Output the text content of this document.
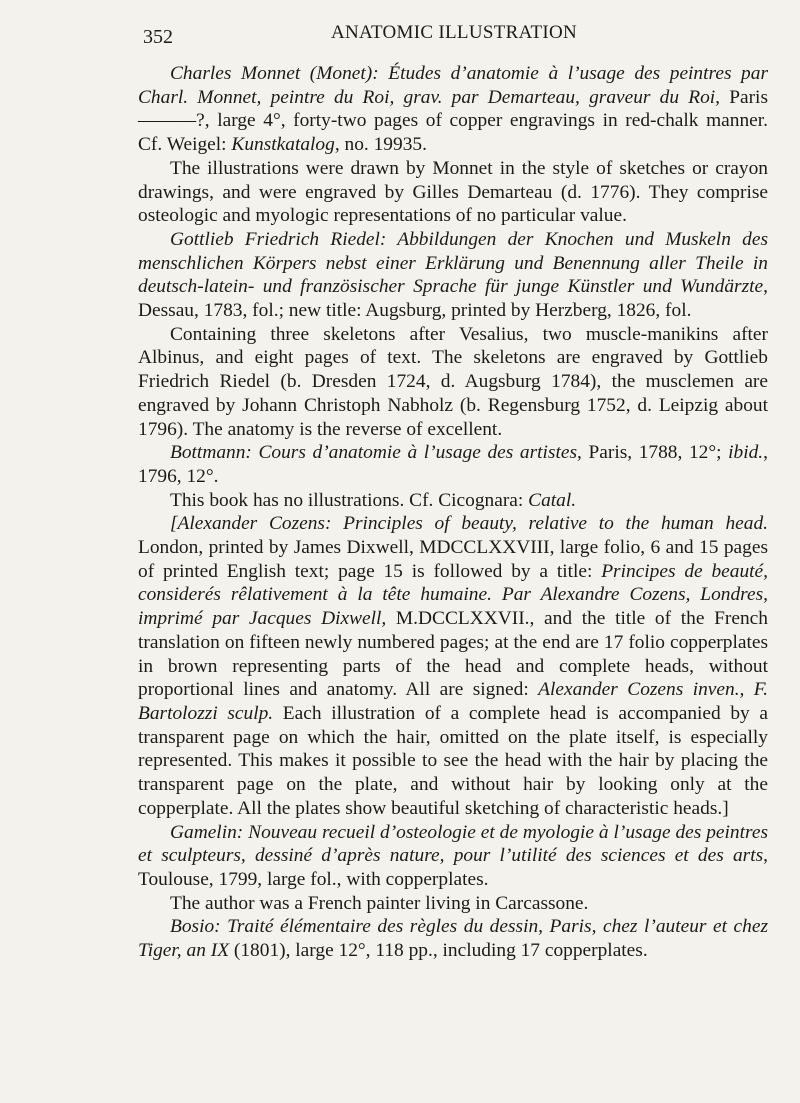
352	ANATOMIC ILLUSTRATION

Charles Monnet (Monet): Études d’anatomie à l’usage des peintres par Charl. Monnet, peintre du Roi, grav. par Demarteau, graveur du Roi, Paris ———?, large 4°, forty-two pages of copper engravings in red-chalk manner. Cf. Weigel: Kunstkatalog, no. 19935.

The illustrations were drawn by Monnet in the style of sketches or crayon drawings, and were engraved by Gilles Demarteau (d. 1776). They comprise osteologic and myologic representations of no particular value.

Gottlieb Friedrich Riedel: Abbildungen der Knochen und Muskeln des menschlichen Körpers nebst einer Erklärung und Benennung aller Theile in deutsch-latein- und französischer Sprache für junge Künstler und Wundärzte, Dessau, 1783, fol.; new title: Augsburg, printed by Herzberg, 1826, fol.

Containing three skeletons after Vesalius, two muscle-manikins after Albinus, and eight pages of text. The skeletons are engraved by Gottlieb Friedrich Riedel (b. Dresden 1724, d. Augsburg 1784), the musclemen are engraved by Johann Christoph Nabholz (b. Regensburg 1752, d. Leipzig about 1796). The anatomy is the reverse of excellent.

Bottmann: Cours d’anatomie à l’usage des artistes, Paris, 1788, 12°; ibid., 1796, 12°.

This book has no illustrations. Cf. Cicognara: Catal.

[Alexander Cozens: Principles of beauty, relative to the human head. London, printed by James Dixwell, MDCCLXXVIII, large folio, 6 and 15 pages of printed English text; page 15 is followed by a title: Principes de beauté, considerés rêlativement à la tête humaine. Par Alexandre Cozens, Londres, imprimé par Jacques Dixwell, M.DCCLXXVII., and the title of the French translation on fifteen newly numbered pages; at the end are 17 folio copperplates in brown representing parts of the head and complete heads, without proportional lines and anatomy. All are signed: Alexander Cozens inven., F. Bartolozzi sculp. Each illustration of a complete head is accompanied by a transparent page on which the hair, omitted on the plate itself, is especially represented. This makes it possible to see the head with the hair by placing the transparent page on the plate, and without hair by looking only at the copperplate. All the plates show beautiful sketching of characteristic heads.]

Gamelin: Nouveau recueil d’osteologie et de myologie à l’usage des peintres et sculpteurs, dessiné d’après nature, pour l’utilité des sciences et des arts, Toulouse, 1799, large fol., with copperplates.

The author was a French painter living in Carcassone.

Bosio: Traité élémentaire des règles du dessin, Paris, chez l’auteur et chez Tiger, an IX (1801), large 12°, 118 pp., including 17 copperplates.
